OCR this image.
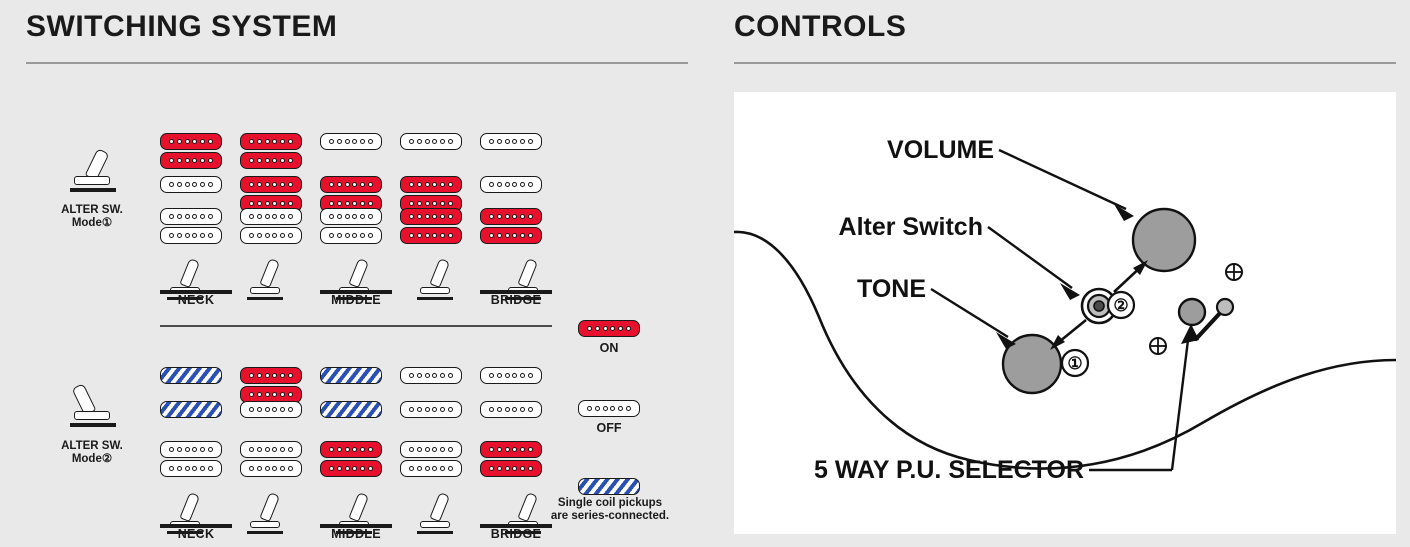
SWITCHING SYSTEM
ALTER SW.
Mode①
NECK	MIDDLE	BRIDGE
ALTER SW.
Mode②
NECK	MIDDLE	BRIDGE
ON
OFF
Single coil pickups
are series-connected.
CONTROLS
①
②
VOLUME
Alter Switch
TONE
5 WAY P.U. SELECTOR
